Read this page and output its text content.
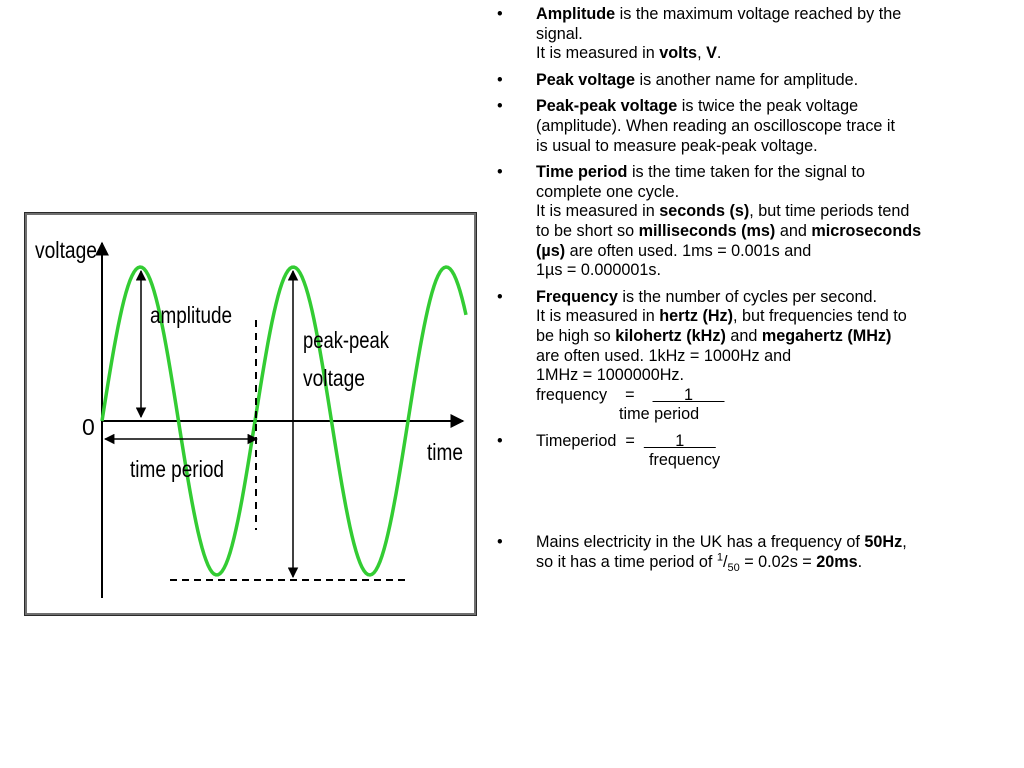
voltage
amplitude
peak-peak
voltage
0
time
time period
• Amplitude is the maximum voltage reached by the
signal.
It is measured in volts, V.
• Peak voltage is another name for amplitude.
• Peak-peak voltage is twice the peak voltage
(amplitude). When reading an oscilloscope trace it
is usual to measure peak-peak voltage.
• Time period is the time taken for the signal to
complete one cycle.
It is measured in seconds (s), but time periods tend
to be short so milliseconds (ms) and microseconds
(µs) are often used. 1ms = 0.001s and
1µs = 0.000001s.
• Frequency is the number of cycles per second.
It is measured in hertz (Hz), but frequencies tend to
be high so kilohertz (kHz) and megahertz (MHz)
are often used. 1kHz = 1000Hz and
1MHz = 1000000Hz.
frequency    =           1
time period
• Timeperiod  =         1
frequency
• Mains electricity in the UK has a frequency of 50Hz,
so it has a time period of $^1/_{50} = 0.02s = 20ms$.
